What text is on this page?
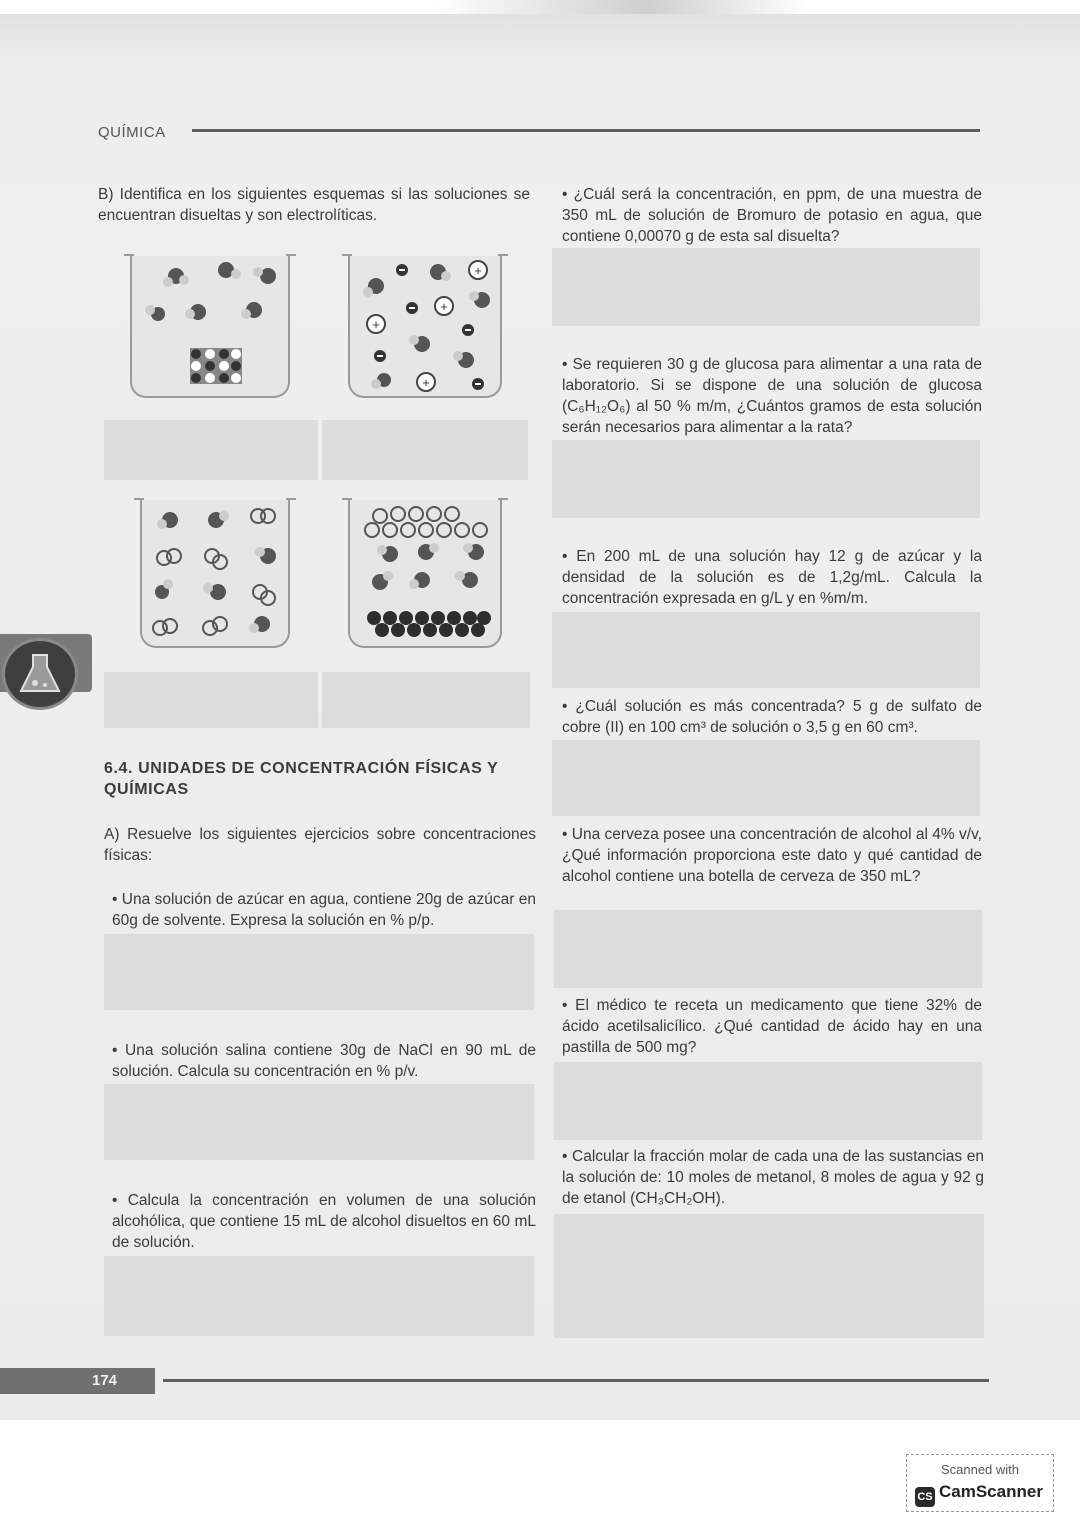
QUÍMICA
B) Identifica en los siguientes esquemas si las soluciones se encuentran disueltas y son electrolíticas.
+
+
+
+
6.4. UNIDADES DE CONCENTRACIÓN FÍSICAS Y QUÍMICAS
A) Resuelve los siguientes ejercicios sobre concentraciones físicas:
• Una solución de azúcar en agua, contiene 20g de azúcar en 60g de solvente. Expresa la solución en % p/p.
• Una solución salina contiene 30g de NaCl en 90 mL de solución. Calcula su concentración en % p/v.
• Calcula la concentración en volumen de una solución alcohólica, que contiene 15 mL de alcohol disueltos en 60 mL de solución.
• ¿Cuál será la concentración, en ppm, de una muestra de 350 mL de solución de Bromuro de potasio en agua, que contiene 0,00070 g de esta sal disuelta?
• Se requieren 30 g de glucosa para alimentar a una rata de laboratorio. Si se dispone de una solución de glucosa (C₆H₁₂O₆) al 50 % m/m, ¿Cuántos gramos de esta solución serán necesarios para alimentar a la rata?
• En 200 mL de una solución hay 12 g de azúcar y la densidad de la solución es de 1,2g/mL. Calcula la concentración expresada en g/L y en %m/m.
• ¿Cuál solución es más concentrada? 5 g de sulfato de cobre (II) en 100 cm³ de solución o 3,5 g en 60 cm³.
• Una cerveza posee una concentración de alcohol al 4% v/v, ¿Qué información proporciona este dato y qué cantidad de alcohol contiene una botella de cerveza de 350 mL?
• El médico te receta un medicamento que tiene 32% de ácido acetilsalicílico. ¿Qué cantidad de ácido hay en una pastilla de 500 mg?
• Calcular la fracción molar de cada una de las sustancias en la solución de: 10 moles de metanol, 8 moles de agua y 92 g de etanol (CH₃CH₂OH).
174
Scanned with
CS CamScanner
